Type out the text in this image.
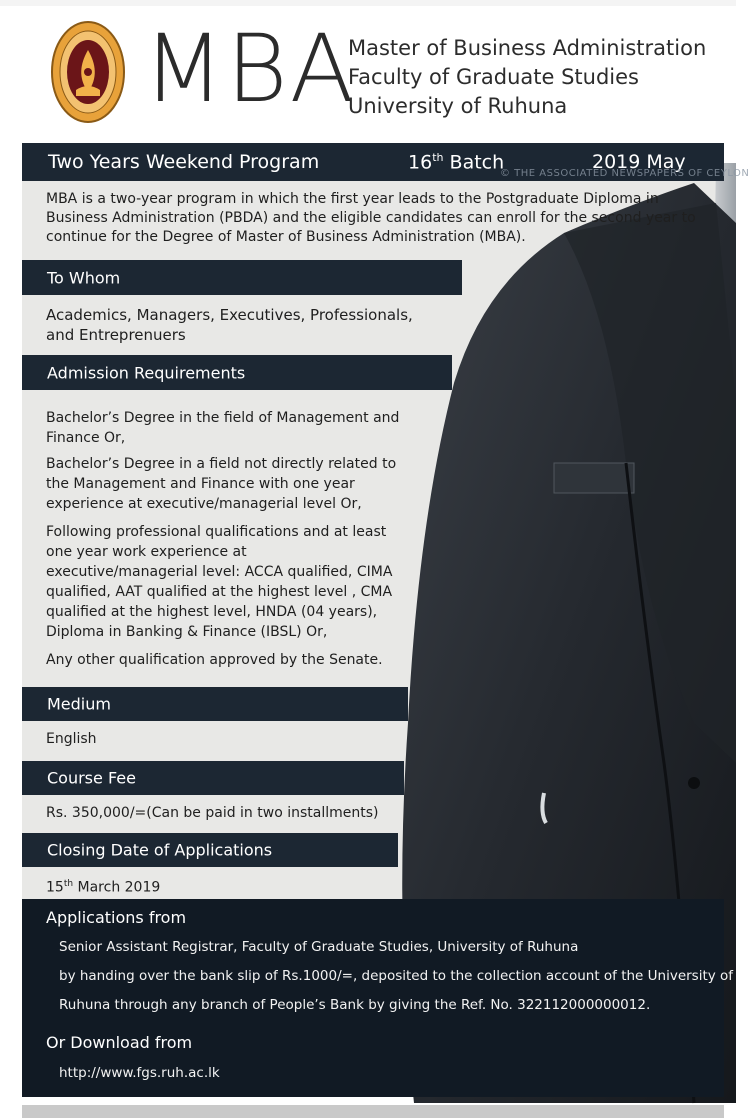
MBA
Master of Business Administration
Faculty of Graduate Studies
University of Ruhuna
Two Years Weekend Program	16th Batch	2019 May
© THE ASSOCIATED NEWSPAPERS OF CEYLON
MBA is a two-year program in which the first year leads to the Postgraduate Diploma in Business Administration (PBDA) and the eligible candidates can enroll for the second year to continue for the Degree of Master of Business Administration (MBA).
To Whom
Academics, Managers, Executives, Professionals, and Entreprenuers
Admission Requirements
Bachelor’s Degree in the field of Management and Finance Or,
Bachelor’s Degree in a field not directly related to the Management and Finance with one year experience at executive/managerial level Or,
Following professional qualifications and at least one year work experience at executive/managerial level: ACCA qualified, CIMA qualified, AAT qualified at the highest level , CMA qualified at the highest level, HNDA (04 years), Diploma in Banking & Finance (IBSL) Or,
Any other qualification approved by the Senate.
Medium
English
Course Fee
Rs. 350,000/=(Can be paid in two installments)
Closing Date of Applications
15th March 2019
Applications from
Senior Assistant Registrar, Faculty of Graduate Studies, University of Ruhuna
by handing over the bank slip of Rs.1000/=, deposited to the collection account of the University of
Ruhuna through any branch of People’s Bank by giving the Ref. No. 322112000000012.
Or Download from
http://www.fgs.ruh.ac.lk
